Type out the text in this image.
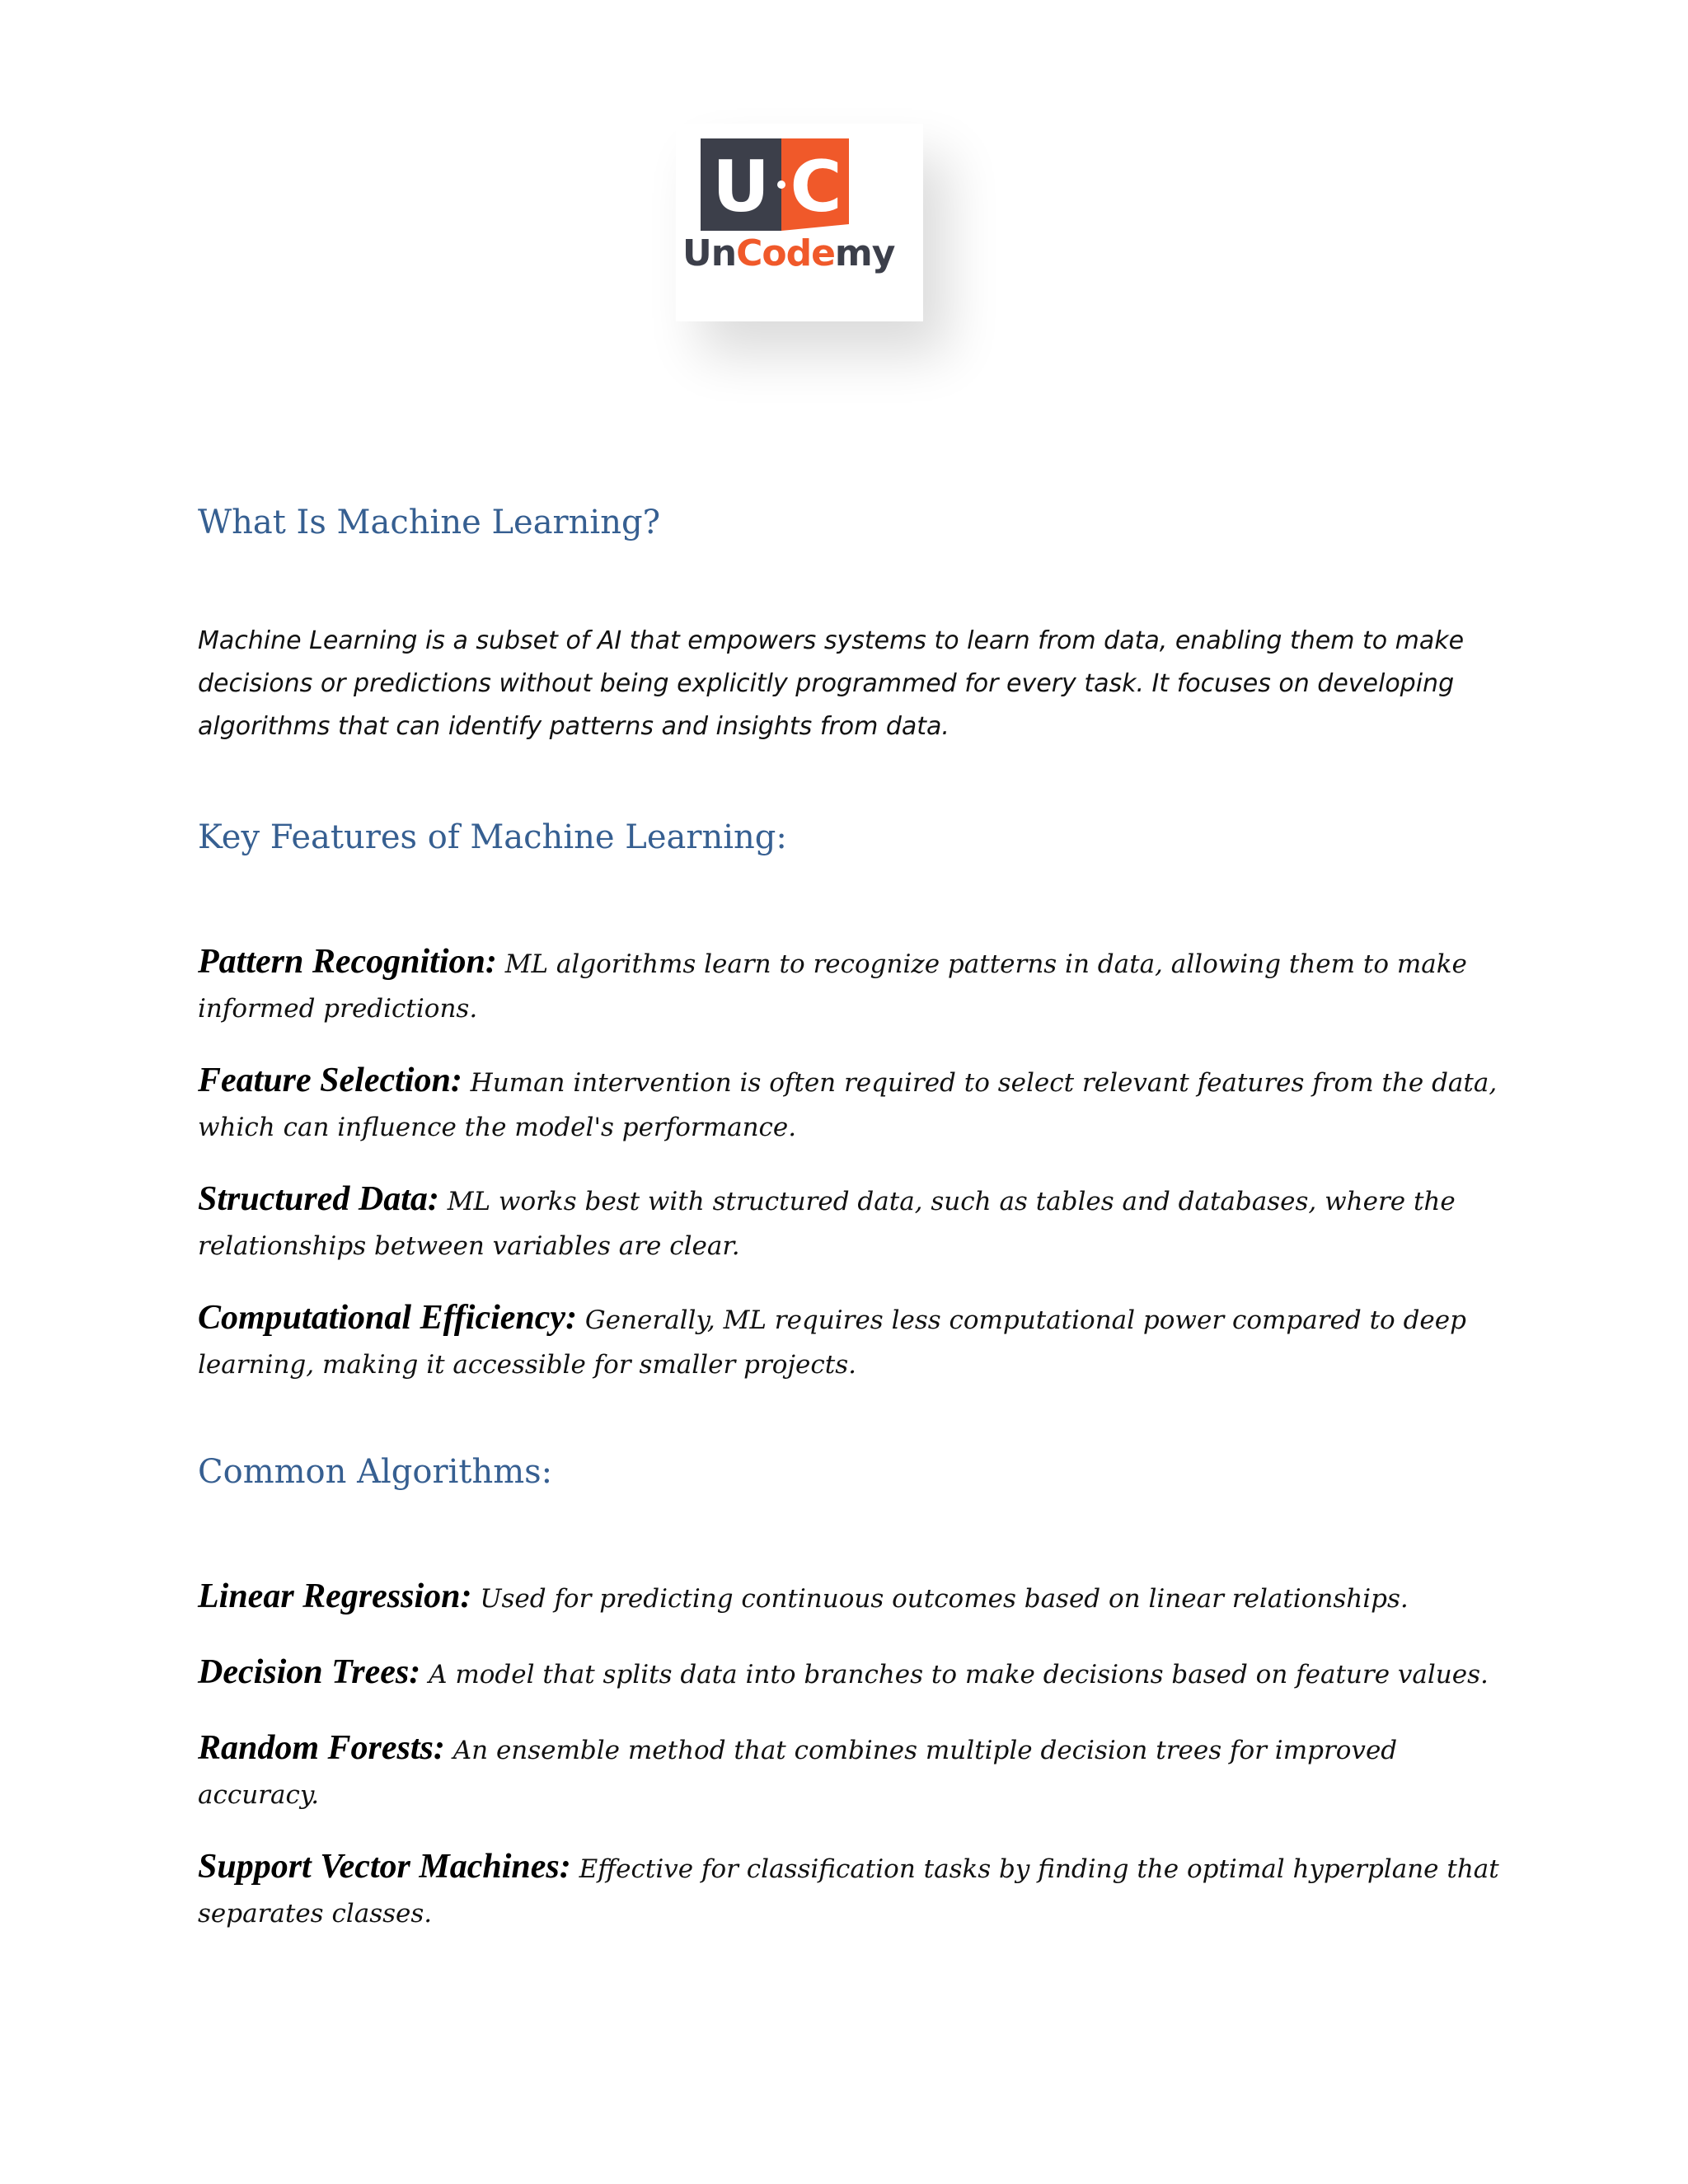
U C
UnCodemy
What Is Machine Learning?

Machine Learning is a subset of AI that empowers systems to learn from data, enabling them to make decisions or predictions without being explicitly programmed for every task. It focuses on developing algorithms that can identify patterns and insights from data.

Key Features of Machine Learning:

Pattern Recognition: ML algorithms learn to recognize patterns in data, allowing them to make informed predictions.

Feature Selection: Human intervention is often required to select relevant features from the data, which can influence the model's performance.

Structured Data: ML works best with structured data, such as tables and databases, where the relationships between variables are clear.

Computational Efficiency: Generally, ML requires less computational power compared to deep learning, making it accessible for smaller projects.

Common Algorithms:

Linear Regression: Used for predicting continuous outcomes based on linear relationships.

Decision Trees: A model that splits data into branches to make decisions based on feature values.

Random Forests: An ensemble method that combines multiple decision trees for improved accuracy.

Support Vector Machines: Effective for classification tasks by finding the optimal hyperplane that separates classes.
